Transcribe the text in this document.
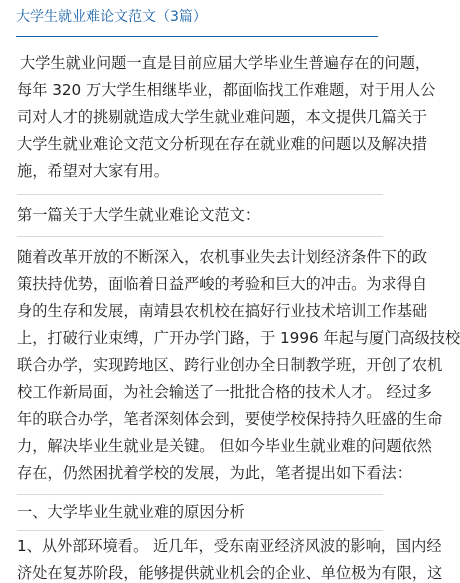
大学生就业难论文范文（3篇）
大学生就业问题一直是目前应届大学毕业生普遍存在的问题，
每年 320 万大学生相继毕业，都面临找工作难题，对于用人公
司对人才的挑剔就造成大学生就业难问题，本文提供几篇关于
大学生就业难论文范文分析现在存在就业难的问题以及解决措
施，希望对大家有用。
第一篇关于大学生就业难论文范文：
随着改革开放的不断深入，农机事业失去计划经济条件下的政
策扶持优势，面临着日益严峻的考验和巨大的冲击。为求得自
身的生存和发展，南靖县农机校在搞好行业技术培训工作基础
上，打破行业束缚，广开办学门路，于 1996 年起与厦门高级技校
联合办学，实现跨地区、跨行业创办全日制教学班，开创了农机
校工作新局面，为社会输送了一批批合格的技术人才。 经过多
年的联合办学，笔者深刻体会到，要使学校保持持久旺盛的生命
力，解决毕业生就业是关键。 但如今毕业生就业难的问题依然
存在，仍然困扰着学校的发展，为此，笔者提出如下看法：
一、大学毕业生就业难的原因分析
1、从外部环境看。 近几年，受东南亚经济风波的影响，国内经
济处在复苏阶段，能够提供就业机会的企业、单位极为有限，这
